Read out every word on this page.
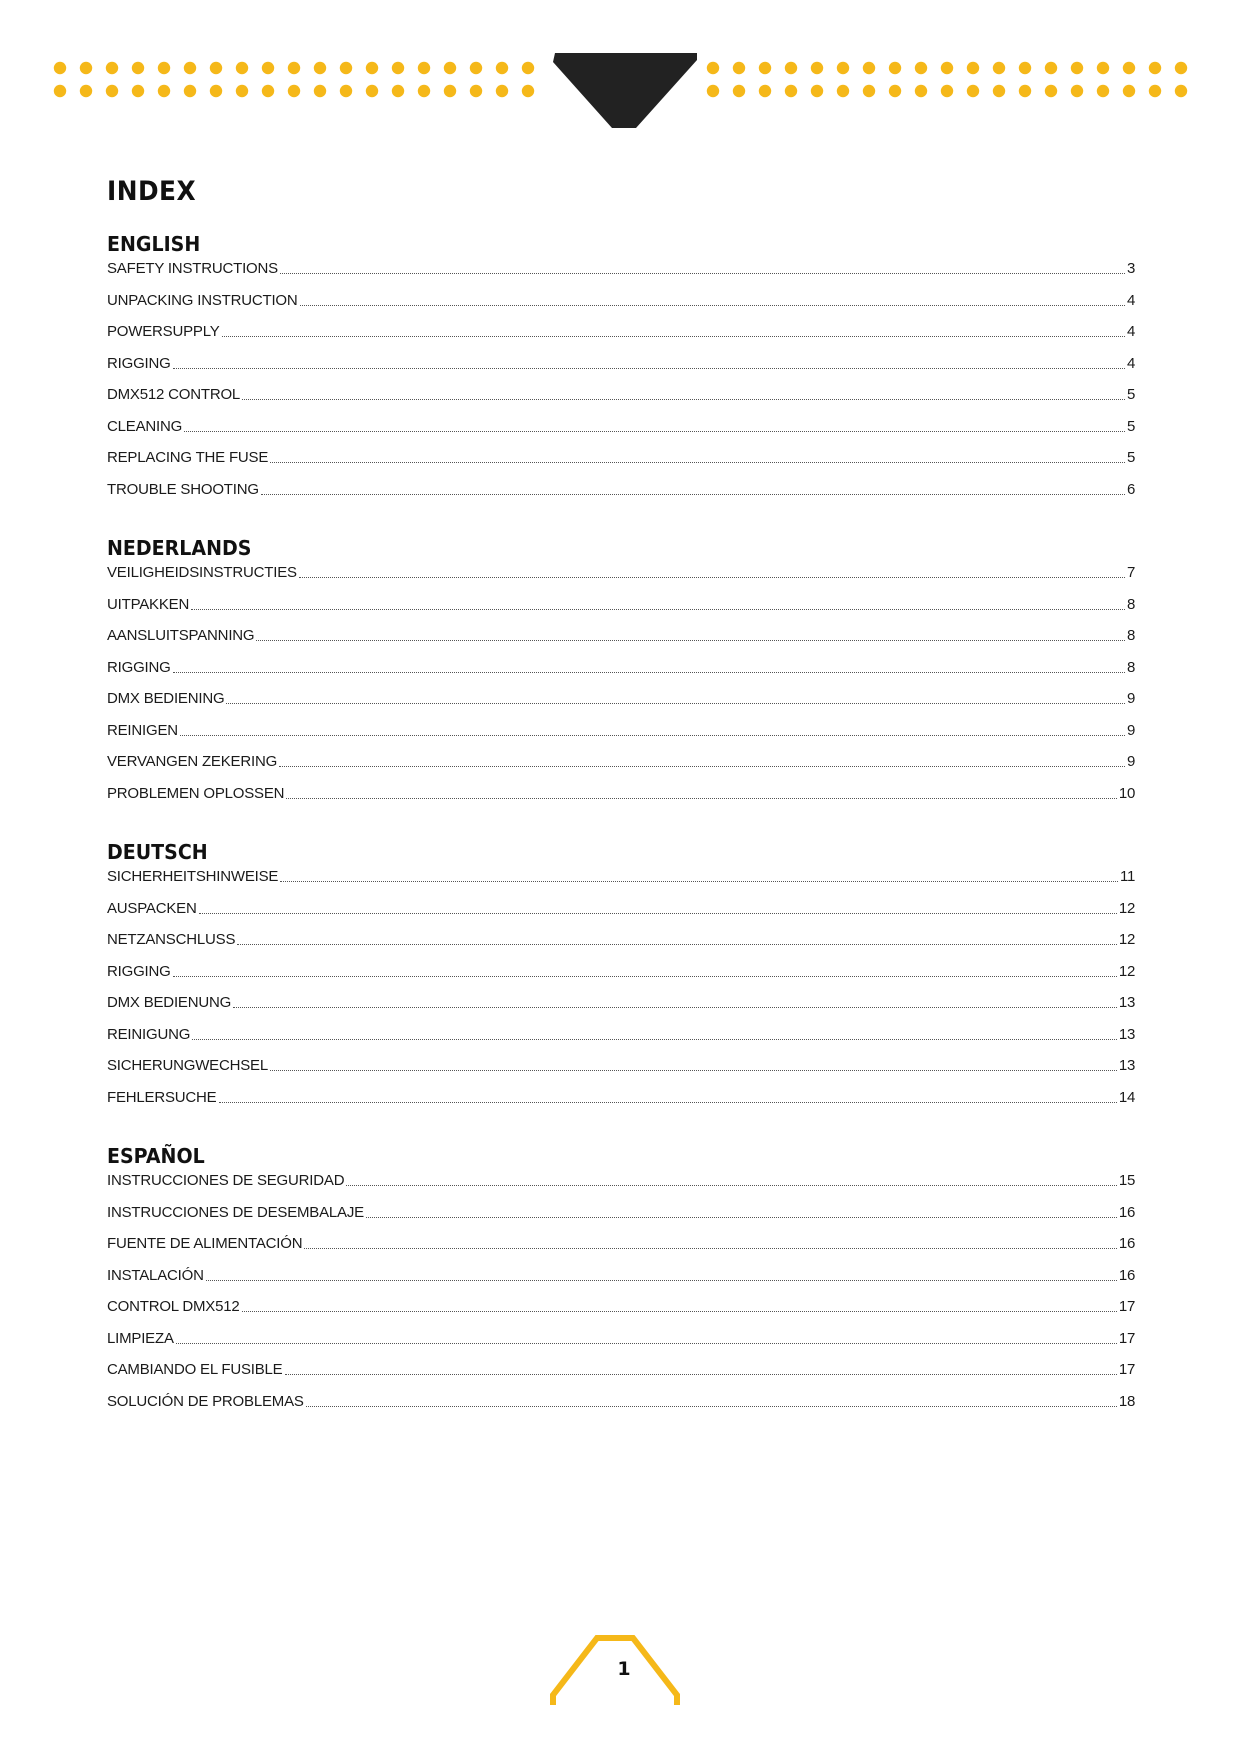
INDEX
ENGLISH
SAFETY INSTRUCTIONS	3
UNPACKING INSTRUCTION	4
POWERSUPPLY	4
RIGGING	4
DMX512 CONTROL	5
CLEANING	5
REPLACING THE FUSE	5
TROUBLE SHOOTING	6
NEDERLANDS
VEILIGHEIDSINSTRUCTIES	7
UITPAKKEN	8
AANSLUITSPANNING	8
RIGGING	8
DMX BEDIENING	9
REINIGEN	9
VERVANGEN ZEKERING	9
PROBLEMEN OPLOSSEN	10
DEUTSCH
SICHERHEITSHINWEISE	11
AUSPACKEN	12
NETZANSCHLUSS	12
RIGGING	12
DMX BEDIENUNG	13
REINIGUNG	13
SICHERUNGWECHSEL	13
FEHLERSUCHE	14
ESPAÑOL
INSTRUCCIONES DE SEGURIDAD	15
INSTRUCCIONES DE DESEMBALAJE	16
FUENTE DE ALIMENTACIÓN	16
INSTALACIÓN	16
CONTROL DMX512	17
LIMPIEZA	17
CAMBIANDO EL FUSIBLE	17
SOLUCIÓN DE PROBLEMAS	18
1
